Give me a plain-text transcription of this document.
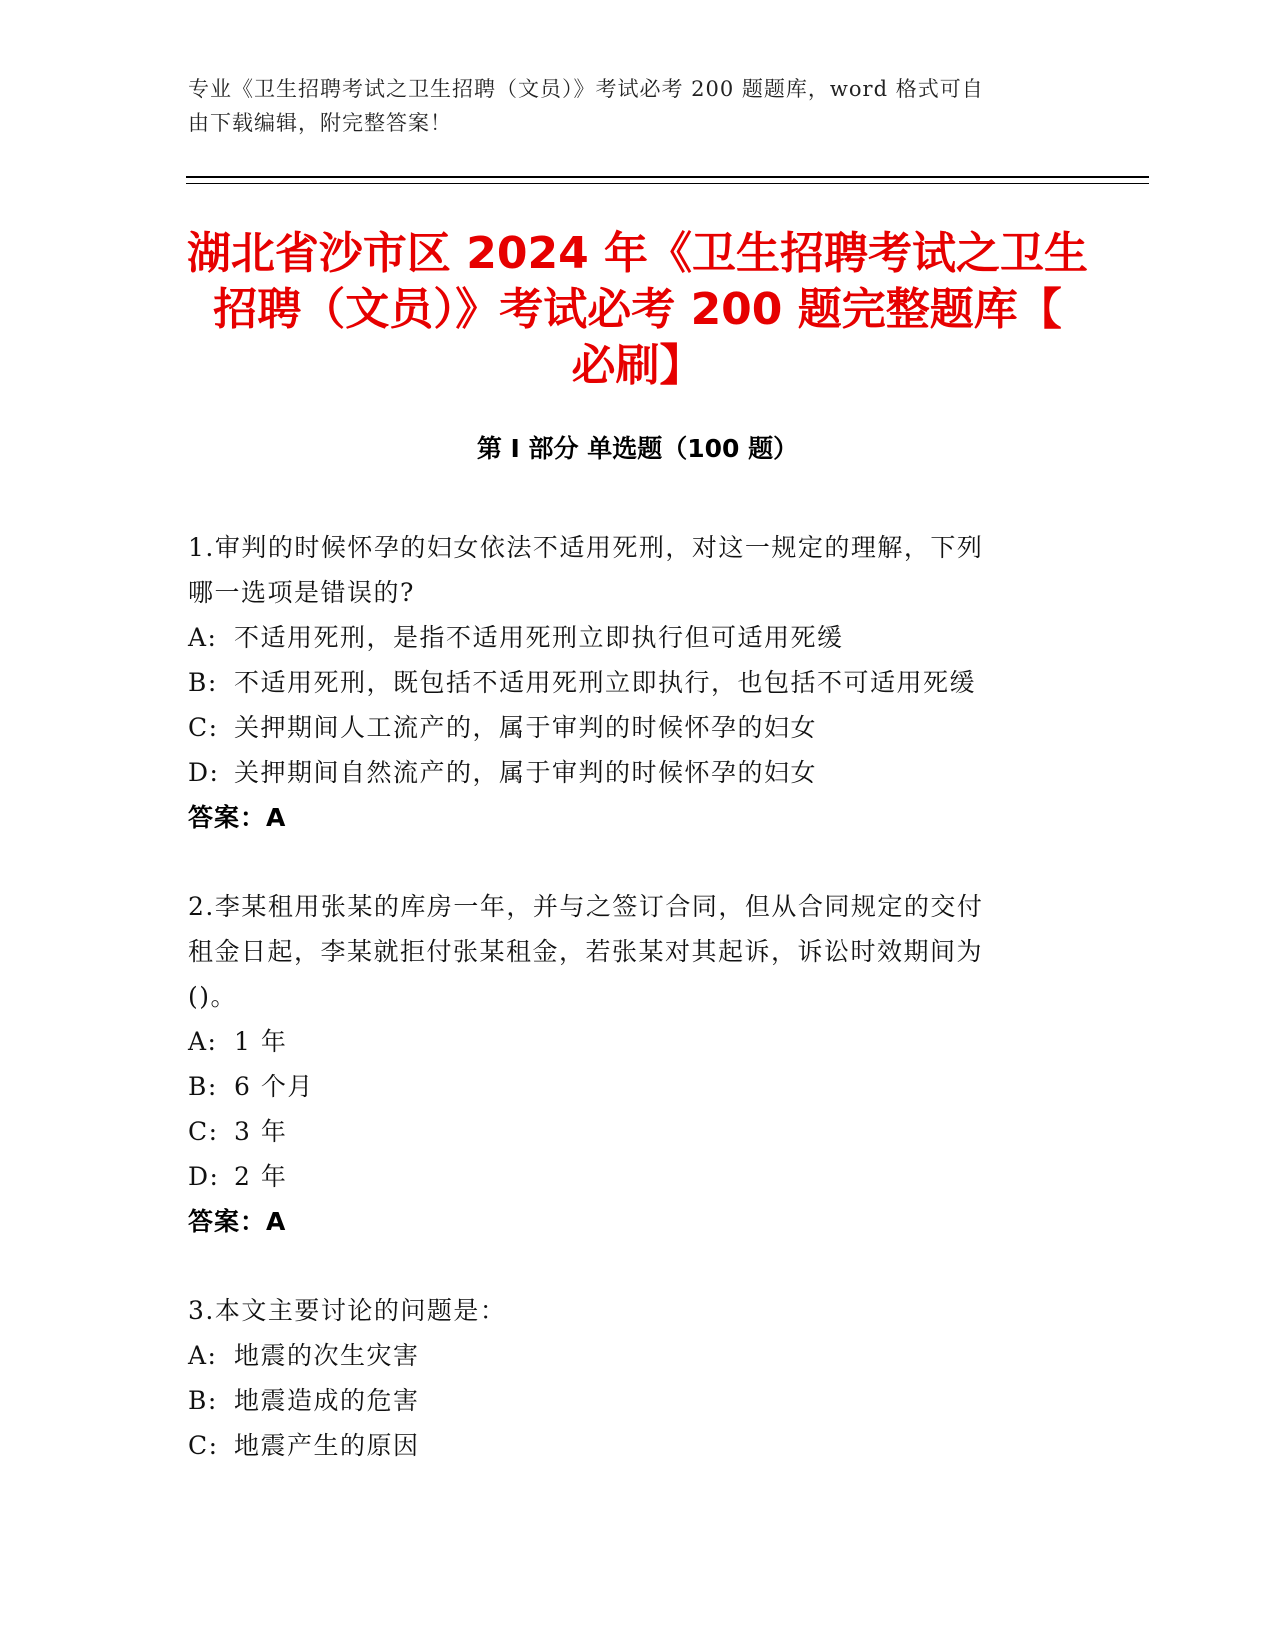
专业《卫生招聘考试之卫生招聘（文员）》考试必考 200 题题库，word 格式可自
由下载编辑，附完整答案！
湖北省沙市区 2024 年《卫生招聘考试之卫生
招聘（文员）》考试必考 200 题完整题库【
必刷】
第 I 部分 单选题（100 题）
1.审判的时候怀孕的妇女依法不适用死刑，对这一规定的理解，下列
哪一选项是错误的?
A: 不适用死刑，是指不适用死刑立即执行但可适用死缓
B: 不适用死刑，既包括不适用死刑立即执行，也包括不可适用死缓
C: 关押期间人工流产的，属于审判的时候怀孕的妇女
D: 关押期间自然流产的，属于审判的时候怀孕的妇女
答案：A
2.李某租用张某的库房一年，并与之签订合同，但从合同规定的交付
租金日起，李某就拒付张某租金，若张某对其起诉，诉讼时效期间为
()。
A: 1 年
B: 6 个月
C: 3 年
D: 2 年
答案：A
3.本文主要讨论的问题是：
A: 地震的次生灾害
B: 地震造成的危害
C: 地震产生的原因
